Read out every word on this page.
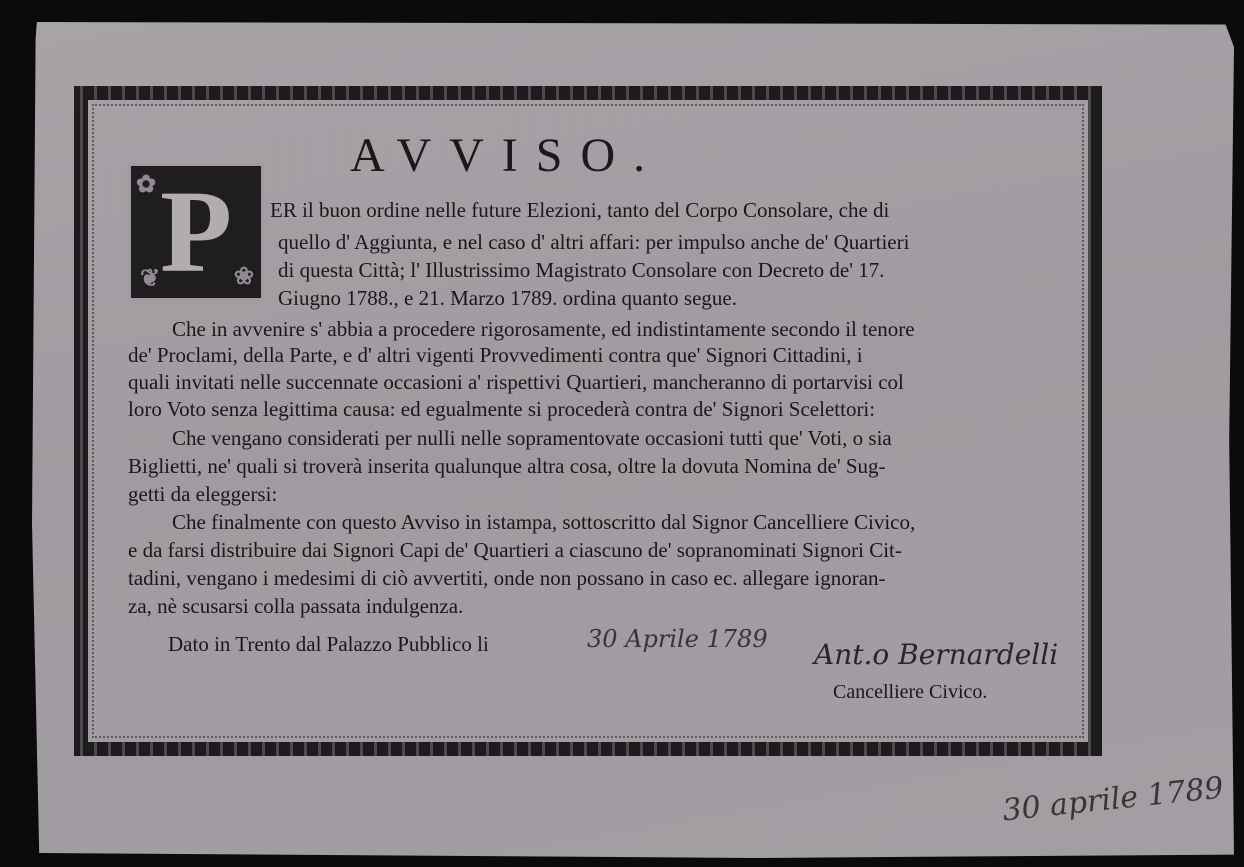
AVVISO.
P
✿
❀
❦

ER il buon ordine nelle future Elezioni, tanto del Corpo Consolare, che di

quello d' Aggiunta, e nel caso d' altri affari: per impulso anche de' Quartieri

di questa Città; l' Illustrissimo Magistrato Consolare con Decreto de' 17.

Giugno 1788., e 21. Marzo 1789. ordina quanto segue.

Che in avvenire s' abbia a procedere rigorosamente, ed indistintamente secondo il tenore

de' Proclami, della Parte, e d' altri vigenti Provvedimenti contra que' Signori Cittadini, i

quali invitati nelle succennate occasioni a' rispettivi Quartieri, mancheranno di portarvisi col

loro Voto senza legittima causa: ed egualmente si procederà contra de' Signori Scelettori:

Che vengano considerati per nulli nelle sopramentovate occasioni tutti que' Voti, o sia

Biglietti, ne' quali si troverà inserita qualunque altra cosa, oltre la dovuta Nomina de' Sug-

getti da eleggersi:

Che finalmente con questo Avviso in istampa, sottoscritto dal Signor Cancelliere Civico,

e da farsi distribuire dai Signori Capi de' Quartieri a ciascuno de' sopranominati Signori Cit-

tadini, vengano i medesimi di ciò avvertiti, onde non possano in caso ec. allegare ignoran-

za, nè scusarsi colla passata indulgenza.

Dato in Trento dal Palazzo Pubblico li	30 Aprile 1789 Ant.o Bernardelli
Cancelliere Civico.
30 aprile 1789
